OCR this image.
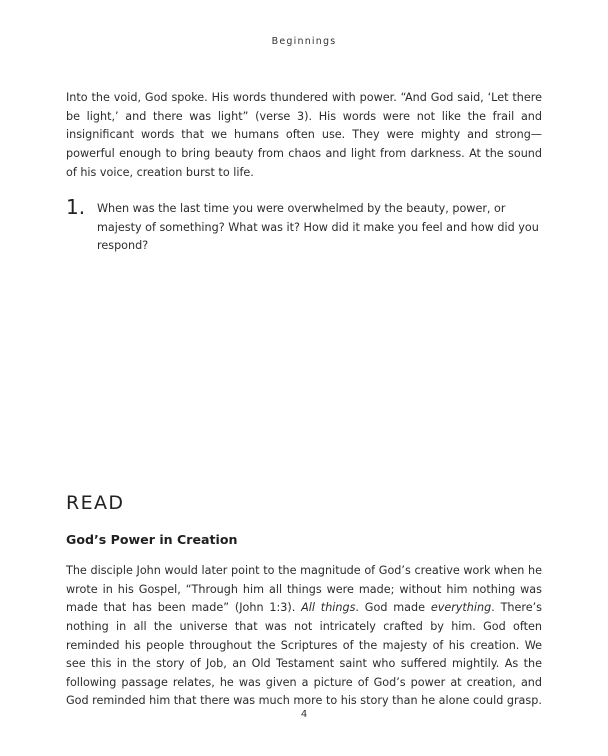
Beginnings

Into the void, God spoke. His words thundered with power. “And God said, ‘Let there be light,’ and there was light” (verse 3). His words were not like the frail and insignificant words that we humans often use. They were mighty and strong—powerful enough to bring beauty from chaos and light from darkness. At the sound of his voice, creation burst to life.

1. When was the last time you were overwhelmed by the beauty, power, or majesty of something? What was it? How did it make you feel and how did you respond?
READ
God’s Power in Creation

The disciple John would later point to the magnitude of God’s creative work when he wrote in his Gospel, “Through him all things were made; without him nothing was made that has been made” (John 1:3). All things. God made everything. There’s nothing in all the universe that was not intricately crafted by him. God often reminded his people throughout the Scriptures of the majesty of his creation. We see this in the story of Job, an Old Testament saint who suffered mightily. As the following passage relates, he was given a picture of God’s power at creation, and God reminded him that there was much more to his story than he alone could grasp.

4
